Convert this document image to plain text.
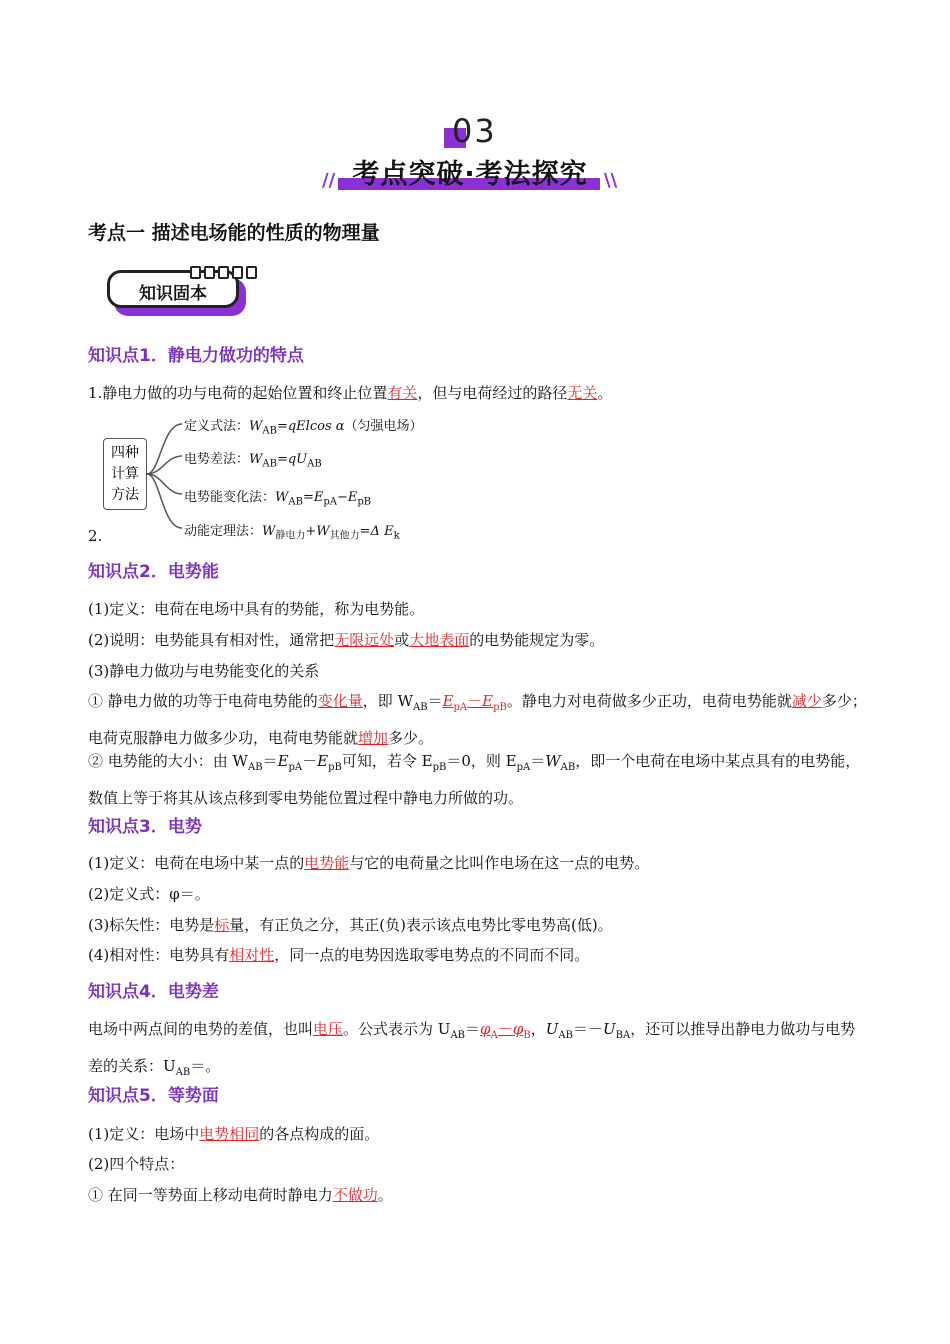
03
//	\\
考点突破·考法探究
考点一 描述电场能的性质的物理量
知识固本
知识点1．静电力做功的特点
1.静电力做的功与电荷的起始位置和终止位置有关，但与电荷经过的路径无关。
四种
计算
方法
定义式法：$W_{AB}=qElcos$ α（匀强电场）
电势差法：$W_{AB}=qU_{AB}$
电势能变化法：$W_{AB}=E_{pA}-E_{pB}$
动能定理法：$W_{静电力}+W_{其他力}=\Delta$ $E_k$
2.
知识点2．电势能
(1)定义：电荷在电场中具有的势能，称为电势能。
(2)说明：电势能具有相对性，通常把无限远处或大地表面的电势能规定为零。
(3)静电力做功与电势能变化的关系
① 静电力做的功等于电荷电势能的变化量，即 $W_{AB}=E_{pA}-E_{pB}$。静电力对电荷做多少正功，电荷电势能就减少多少；电荷克服静电力做多少功，电荷电势能就增加多少。
② 电势能的大小：由 $W_{AB}=E_{pA}-E_{pB}$可知，若令 $E_{pB}=0$，则 $E_{pA}=W_{AB}$，即一个电荷在电场中某点具有的电势能，数值上等于将其从该点移到零电势能位置过程中静电力所做的功。
知识点3．电势
(1)定义：电荷在电场中某一点的电势能与它的电荷量之比叫作电场在这一点的电势。
(2)定义式：φ＝。
(3)标矢性：电势是标量，有正负之分，其正(负)表示该点电势比零电势高(低)。
(4)相对性：电势具有相对性，同一点的电势因选取零电势点的不同而不同。
知识点4．电势差
电场中两点间的电势的差值，也叫电压。公式表示为 $U_{AB}=\varphi_A-\varphi_B$，$U_{AB}=-U_{BA}$，还可以推导出静电力做功与电势差的关系：$U_{AB}=$。
知识点5．等势面
(1)定义：电场中电势相同的各点构成的面。
(2)四个特点：
① 在同一等势面上移动电荷时静电力不做功。
